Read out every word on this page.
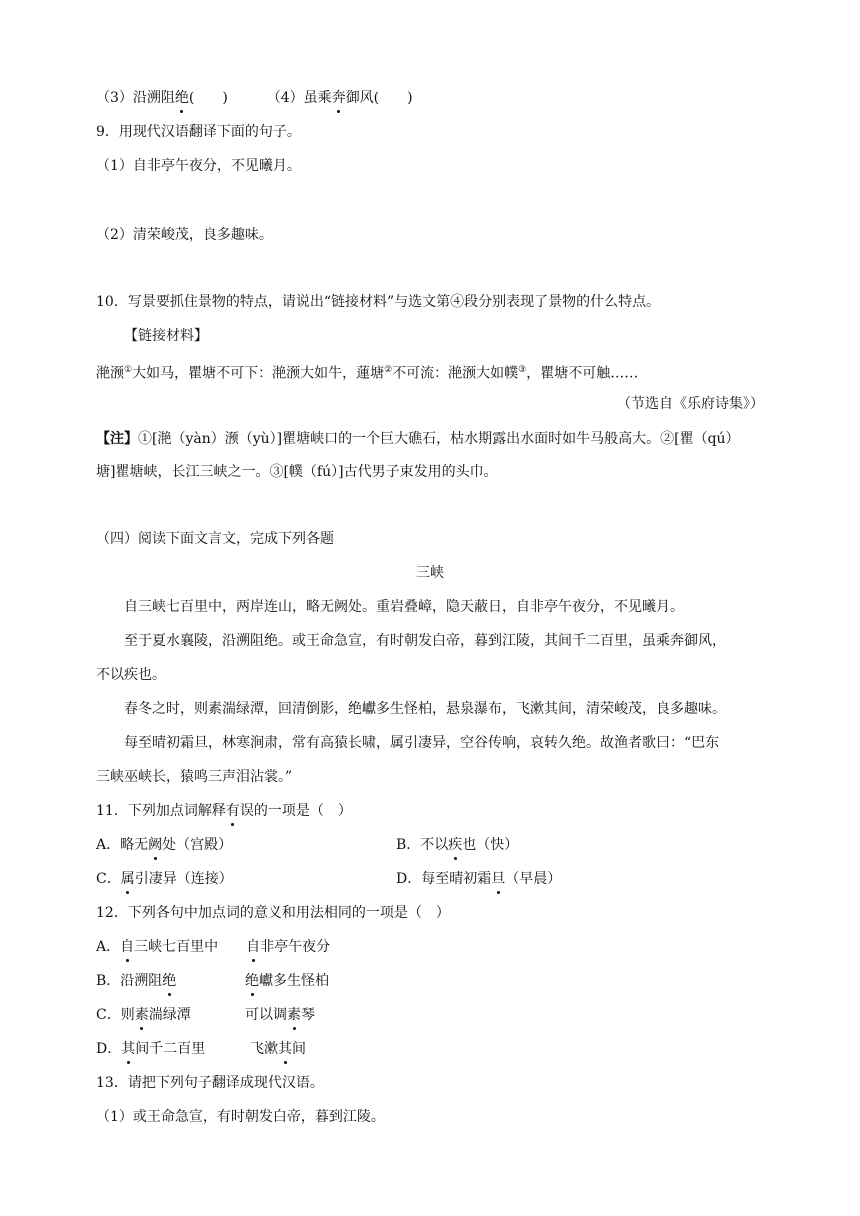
（3）沿溯阻绝(　　)	（4）虽乘奔御风(　　)
9．用现代汉语翻译下面的句子。
（1）自非亭午夜分，不见曦月。
（2）清荣峻茂，良多趣味。
10．写景要抓住景物的特点，请说出“链接材料”与选文第④段分别表现了景物的什么特点。
【链接材料】
滟滪①大如马，瞿塘不可下：滟滪大如牛，蓮塘②不可流：滟滪大如幞③，瞿塘不可触……
（节选自《乐府诗集》）
【注】①[滟（yàn）滪（yù）]瞿塘峡口的一个巨大礁石，枯水期露出水面时如牛马般高大。②[瞿（qú）
塘]瞿塘峡，长江三峡之一。③[幞（fú）]古代男子束发用的头巾。
（四）阅读下面文言文，完成下列各题
三峡
自三峡七百里中，两岸连山，略无阙处。重岩叠嶂，隐天蔽日，自非亭午夜分，不见曦月。
至于夏水襄陵，沿溯阻绝。或王命急宣，有时朝发白帝，暮到江陵，其间千二百里，虽乘奔御风，
不以疾也。
春冬之时，则素湍绿潭，回清倒影，绝巘多生怪柏，悬泉瀑布，飞漱其间，清荣峻茂，良多趣味。
每至晴初霜旦，林寒涧肃，常有高猿长啸，属引凄异，空谷传响，哀转久绝。故渔者歌曰：“巴东
三峡巫峡长，猿鸣三声泪沾裳。”
11．下列加点词解释有误的一项是（　）
A．略无阙处（宫殿）	B．不以疾也（快）
C．属引凄异（连接）	D．每至晴初霜旦（早晨）
12．下列各句中加点词的意义和用法相同的一项是（　）
A．自三峡七百里中 自非亭午夜分
B．沿溯阻绝	绝巘多生怪柏
C．则素湍绿潭	可以调素琴
D．其间千二百里	飞漱其间
13．请把下列句子翻译成现代汉语。
（1）或王命急宣，有时朝发白帝，暮到江陵。
